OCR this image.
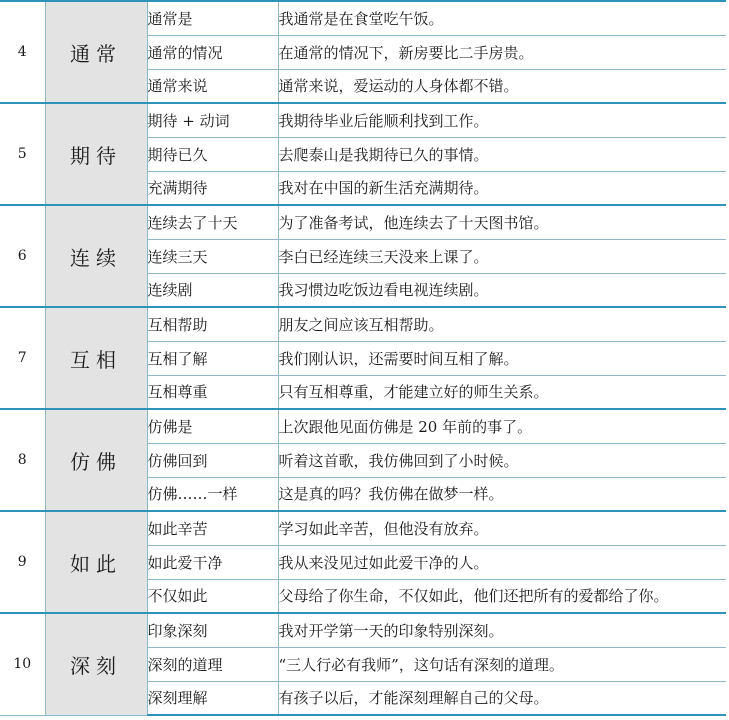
4	通常	通常是	我通常是在食堂吃午饭。
		通常的情况	在通常的情况下，新房要比二手房贵。
		通常来说	通常来说，爱运动的人身体都不错。
5	期待	期待 + 动词	我期待毕业后能顺利找到工作。
		期待已久	去爬泰山是我期待已久的事情。
		充满期待	我对在中国的新生活充满期待。
6	连续	连续去了十天	为了准备考试，他连续去了十天图书馆。
		连续三天	李白已经连续三天没来上课了。
		连续剧	我习惯边吃饭边看电视连续剧。
7	互相	互相帮助	朋友之间应该互相帮助。
		互相了解	我们刚认识，还需要时间互相了解。
		互相尊重	只有互相尊重，才能建立好的师生关系。
8	仿佛	仿佛是	上次跟他见面仿佛是 20 年前的事了。
		仿佛回到	听着这首歌，我仿佛回到了小时候。
		仿佛……一样	这是真的吗？我仿佛在做梦一样。
9	如此	如此辛苦	学习如此辛苦，但他没有放弃。
		如此爱干净	我从来没见过如此爱干净的人。
		不仅如此	父母给了你生命，不仅如此，他们还把所有的爱都给了你。
10	深刻	印象深刻	我对开学第一天的印象特别深刻。
		深刻的道理	“三人行必有我师”，这句话有深刻的道理。
		深刻理解	有孩子以后，才能深刻理解自己的父母。
